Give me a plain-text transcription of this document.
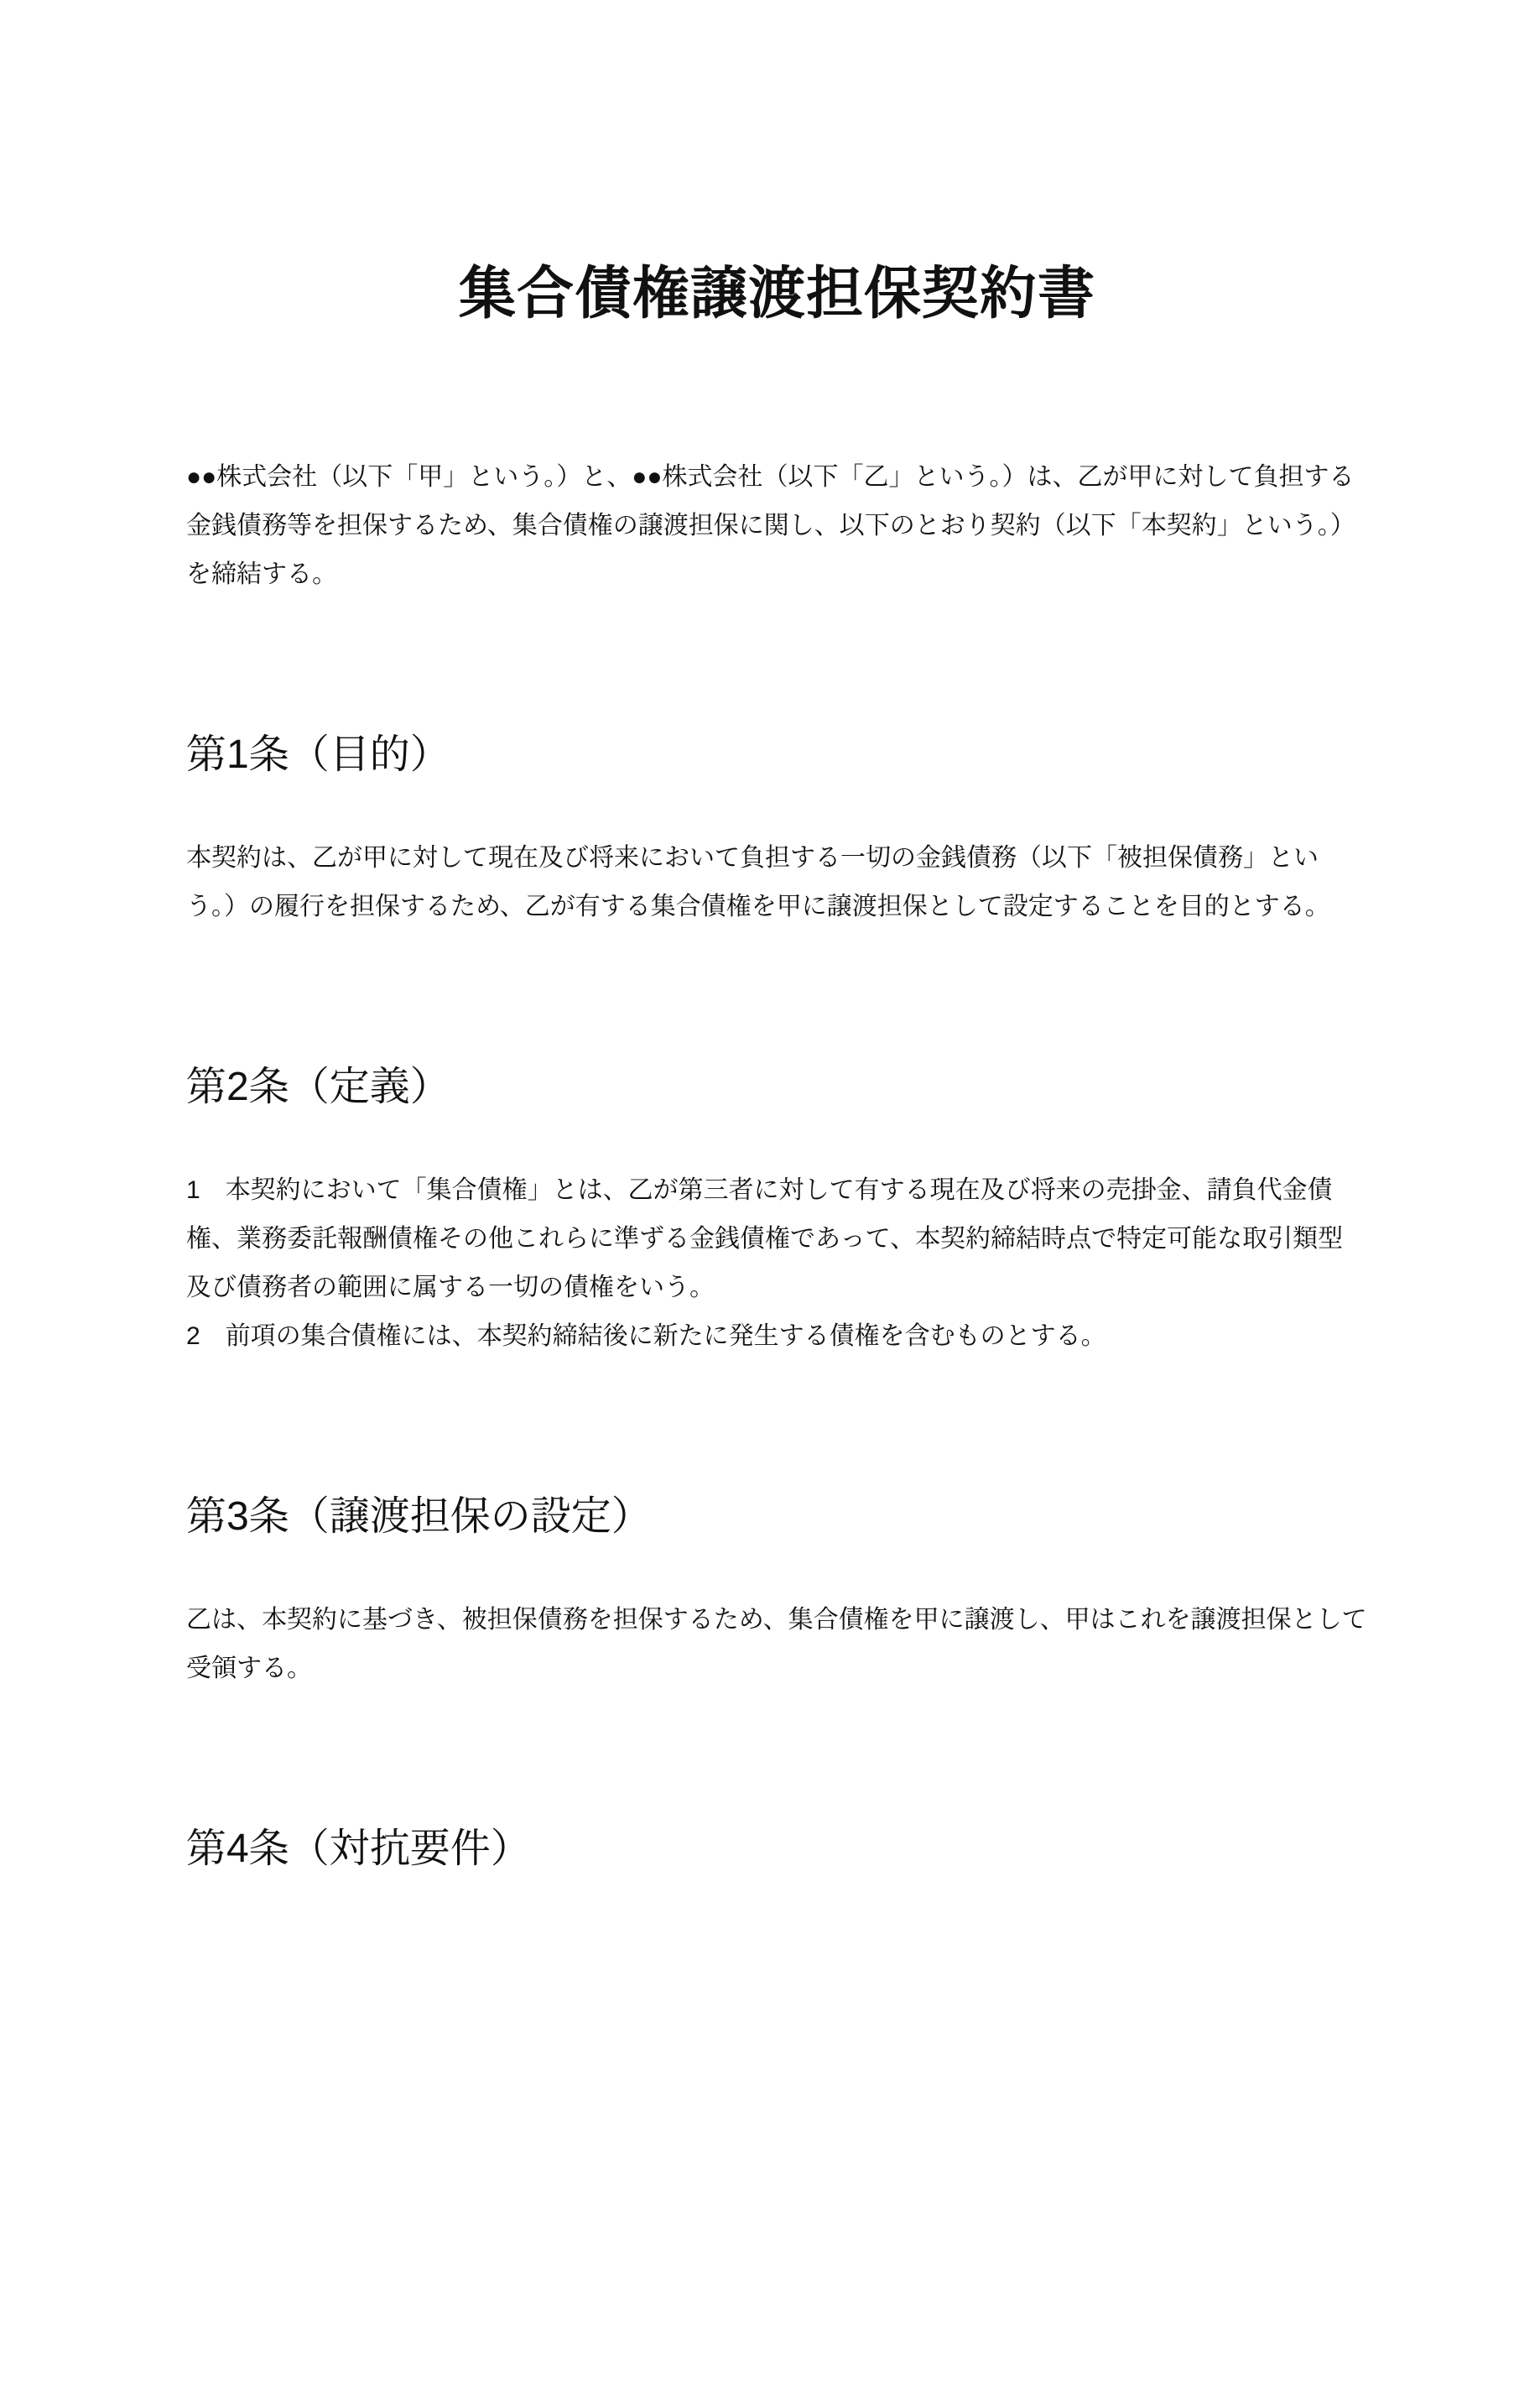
集合債権譲渡担保契約書

●●株式会社（以下「甲」という。）と、●●株式会社（以下「乙」という。）は、乙が甲に対して負担する金銭債務等を担保するため、集合債権の譲渡担保に関し、以下のとおり契約（以下「本契約」という。）を締結する。

第1条（目的）

本契約は、乙が甲に対して現在及び将来において負担する一切の金銭債務（以下「被担保債務」という。）の履行を担保するため、乙が有する集合債権を甲に譲渡担保として設定することを目的とする。

第2条（定義）

1　本契約において「集合債権」とは、乙が第三者に対して有する現在及び将来の売掛金、請負代金債権、業務委託報酬債権その他これらに準ずる金銭債権であって、本契約締結時点で特定可能な取引類型及び債務者の範囲に属する一切の債権をいう。

2　前項の集合債権には、本契約締結後に新たに発生する債権を含むものとする。

第3条（譲渡担保の設定）

乙は、本契約に基づき、被担保債務を担保するため、集合債権を甲に譲渡し、甲はこれを譲渡担保として受領する。

第4条（対抗要件）
